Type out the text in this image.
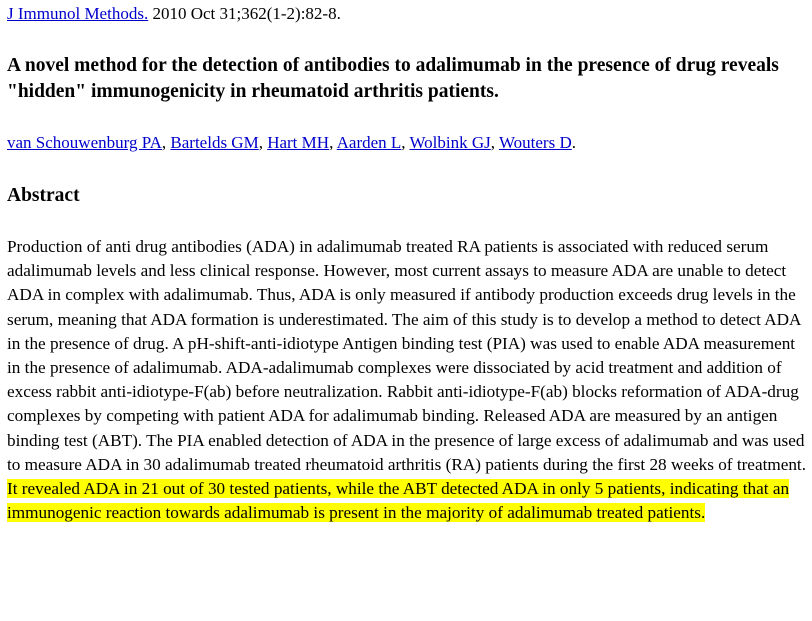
J Immunol Methods. 2010 Oct 31;362(1-2):82-8.
A novel method for the detection of antibodies to adalimumab in the presence of drug reveals "hidden" immunogenicity in rheumatoid arthritis patients.
van Schouwenburg PA, Bartelds GM, Hart MH, Aarden L, Wolbink GJ, Wouters D.
Abstract
Production of anti drug antibodies (ADA) in adalimumab treated RA patients is associated with reduced serum adalimumab levels and less clinical response. However, most current assays to measure ADA are unable to detect ADA in complex with adalimumab. Thus, ADA is only measured if antibody production exceeds drug levels in the serum, meaning that ADA formation is underestimated. The aim of this study is to develop a method to detect ADA in the presence of drug. A pH-shift-anti-idiotype Antigen binding test (PIA) was used to enable ADA measurement in the presence of adalimumab. ADA-adalimumab complexes were dissociated by acid treatment and addition of excess rabbit anti-idiotype-F(ab) before neutralization. Rabbit anti-idiotype-F(ab) blocks reformation of ADA-drug complexes by competing with patient ADA for adalimumab binding. Released ADA are measured by an antigen binding test (ABT). The PIA enabled detection of ADA in the presence of large excess of adalimumab and was used to measure ADA in 30 adalimumab treated rheumatoid arthritis (RA) patients during the first 28 weeks of treatment. It revealed ADA in 21 out of 30 tested patients, while the ABT detected ADA in only 5 patients, indicating that an immunogenic reaction towards adalimumab is present in the majority of adalimumab treated patients.
